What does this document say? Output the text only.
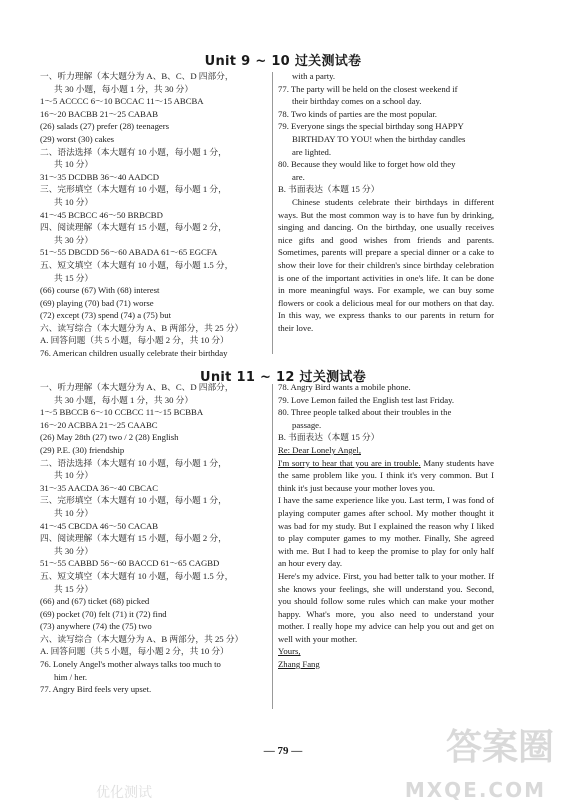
Unit 9 ~ 10 过关测试卷

一、听力理解（本大题分为 A、B、C、D 四部分，

共 30 小题，每小题 1 分，共 30 分）

1～5 ACCCC 6～10 BCCAC 11～15 ABCBA

16～20 BACBB 21～25 CABAB

(26) salads (27) prefer (28) teenagers

(29) worst (30) cakes

二、语法选择（本大题有 10 小题，每小题 1 分，

共 10 分）

31～35 DCDBB 36～40 AADCD

三、完形填空（本大题有 10 小题，每小题 1 分，

共 10 分）

41～45 BCBCC 46～50 BRBCBD

四、阅读理解（本大题有 15 小题，每小题 2 分，

共 30 分）

51～55 DBCDD 56～60 ABADA 61～65 EGCFA

五、短文填空（本大题有 10 小题，每小题 1.5 分，

共 15 分）

(66) course (67) With (68) interest

(69) playing (70) bad (71) worse

(72) except (73) spend (74) a (75) but

六、读写综合（本大题分为 A、B 两部分，共 25 分）

A. 回答问题（共 5 小题，每小题 2 分，共 10 分）

76. American children usually celebrate their birthday

with a party.

77. The party will be held on the closest weekend if

their birthday comes on a school day.

78. Two kinds of parties are the most popular.

79. Everyone sings the special birthday song HAPPY

BIRTHDAY TO YOU! when the birthday candles

are lighted.

80. Because they would like to forget how old they

are.

B. 书面表达（本题 15 分）

Chinese students celebrate their birthdays in different ways. But the most common way is to have fun by drinking, singing and dancing. On the birthday, one usually receives nice gifts and good wishes from friends and parents. Sometimes, parents will prepare a special dinner or a cake to show their love for their children's since birthday celebration is one of the important activities in one's life. It can be done in more meaningful ways. For example, we can buy some flowers or cook a delicious meal for our mothers on that day. In this way, we express thanks to our parents in return for their love.

Unit 11 ~ 12 过关测试卷

一、听力理解（本大题分为 A、B、C、D 四部分，

共 30 小题，每小题 1 分，共 30 分）

1～5 BBCCB 6～10 CCBCC 11～15 BCBBA

16～20 ACBBA 21～25 CAABC

(26) May 28th (27) two / 2 (28) English

(29) P.E. (30) friendship

二、语法选择（本大题有 10 小题，每小题 1 分，

共 10 分）

31～35 AACDA 36～40 CBCAC

三、完形填空（本大题有 10 小题，每小题 1 分，

共 10 分）

41～45 CBCDA 46～50 CACAB

四、阅读理解（本大题有 15 小题，每小题 2 分，

共 30 分）

51～55 CABBD 56～60 BACCD 61～65 CAGBD

五、短文填空（本大题有 10 小题，每小题 1.5 分，

共 15 分）

(66) and (67) ticket (68) picked

(69) pocket (70) felt (71) it (72) find

(73) anywhere (74) the (75) two

六、读写综合（本大题分为 A、B 两部分，共 25 分）

A. 回答问题（共 5 小题，每小题 2 分，共 10 分）

76. Lonely Angel's mother always talks too much to

him / her.

77. Angry Bird feels very upset.

78. Angry Bird wants a mobile phone.

79. Love Lemon failed the English test last Friday.

80. Three people talked about their troubles in the

passage.

B. 书面表达（本题 15 分）

Re: Dear Lonely Angel,

I'm sorry to hear that you are in trouble. Many students have the same problem like you. I think it's very common. But I think it's just because your mother loves you.

I have the same experience like you. Last term, I was fond of playing computer games after school. My mother thought it was bad for my study. But I explained the reason why I liked to play computer games to my mother. Finally, She agreed with me. But I had to keep the promise to play for only half an hour every day.

Here's my advice. First, you had better talk to your mother. If she knows your feelings, she will understand you. Second, you should follow some rules which can make your mother happy. What's more, you also need to understand your mother. I really hope my advice can help you out and get on well with your mother.

Yours,

Zhang Fang

— 79 —	答案圈
MXQE.COM
优化测试
